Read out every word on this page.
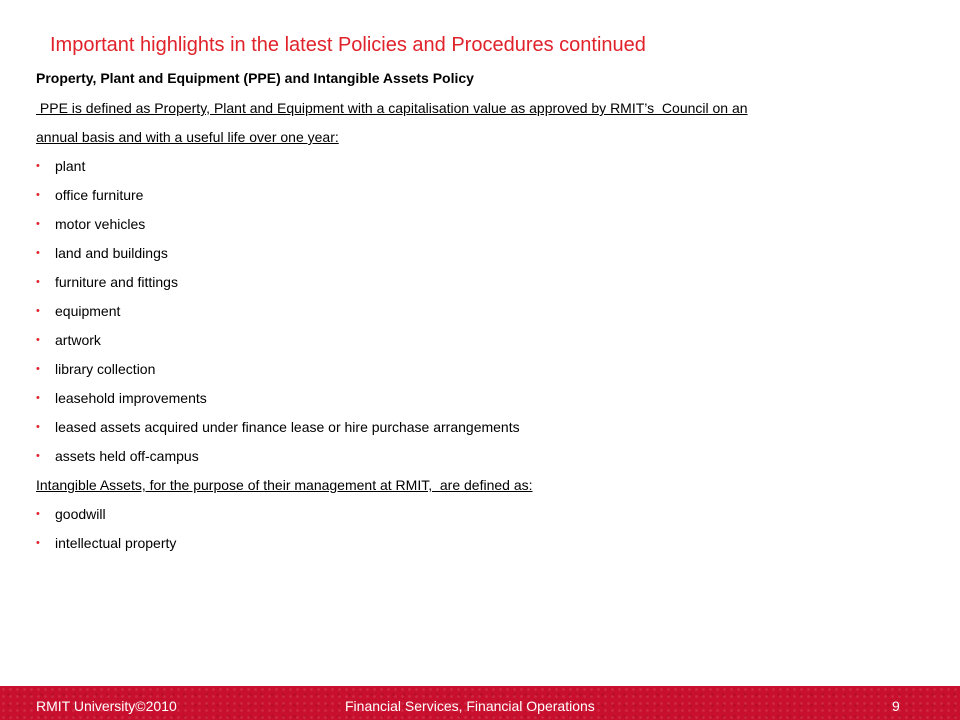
Important highlights in the latest Policies and Procedures continued
Property, Plant and Equipment (PPE) and Intangible Assets Policy

PPE is defined as Property, Plant and Equipment with a capitalisation value as approved by RMIT’s  Council on an
annual basis and with a useful life over one year:

• plant
• office furniture
• motor vehicles
• land and buildings
• furniture and fittings
• equipment
• artwork
• library collection
• leasehold improvements
• leased assets acquired under finance lease or hire purchase arrangements
• assets held off-campus

Intangible Assets, for the purpose of their management at RMIT,  are defined as:

• goodwill
• intellectual property
RMIT University©2010	Financial Services, Financial Operations	9
